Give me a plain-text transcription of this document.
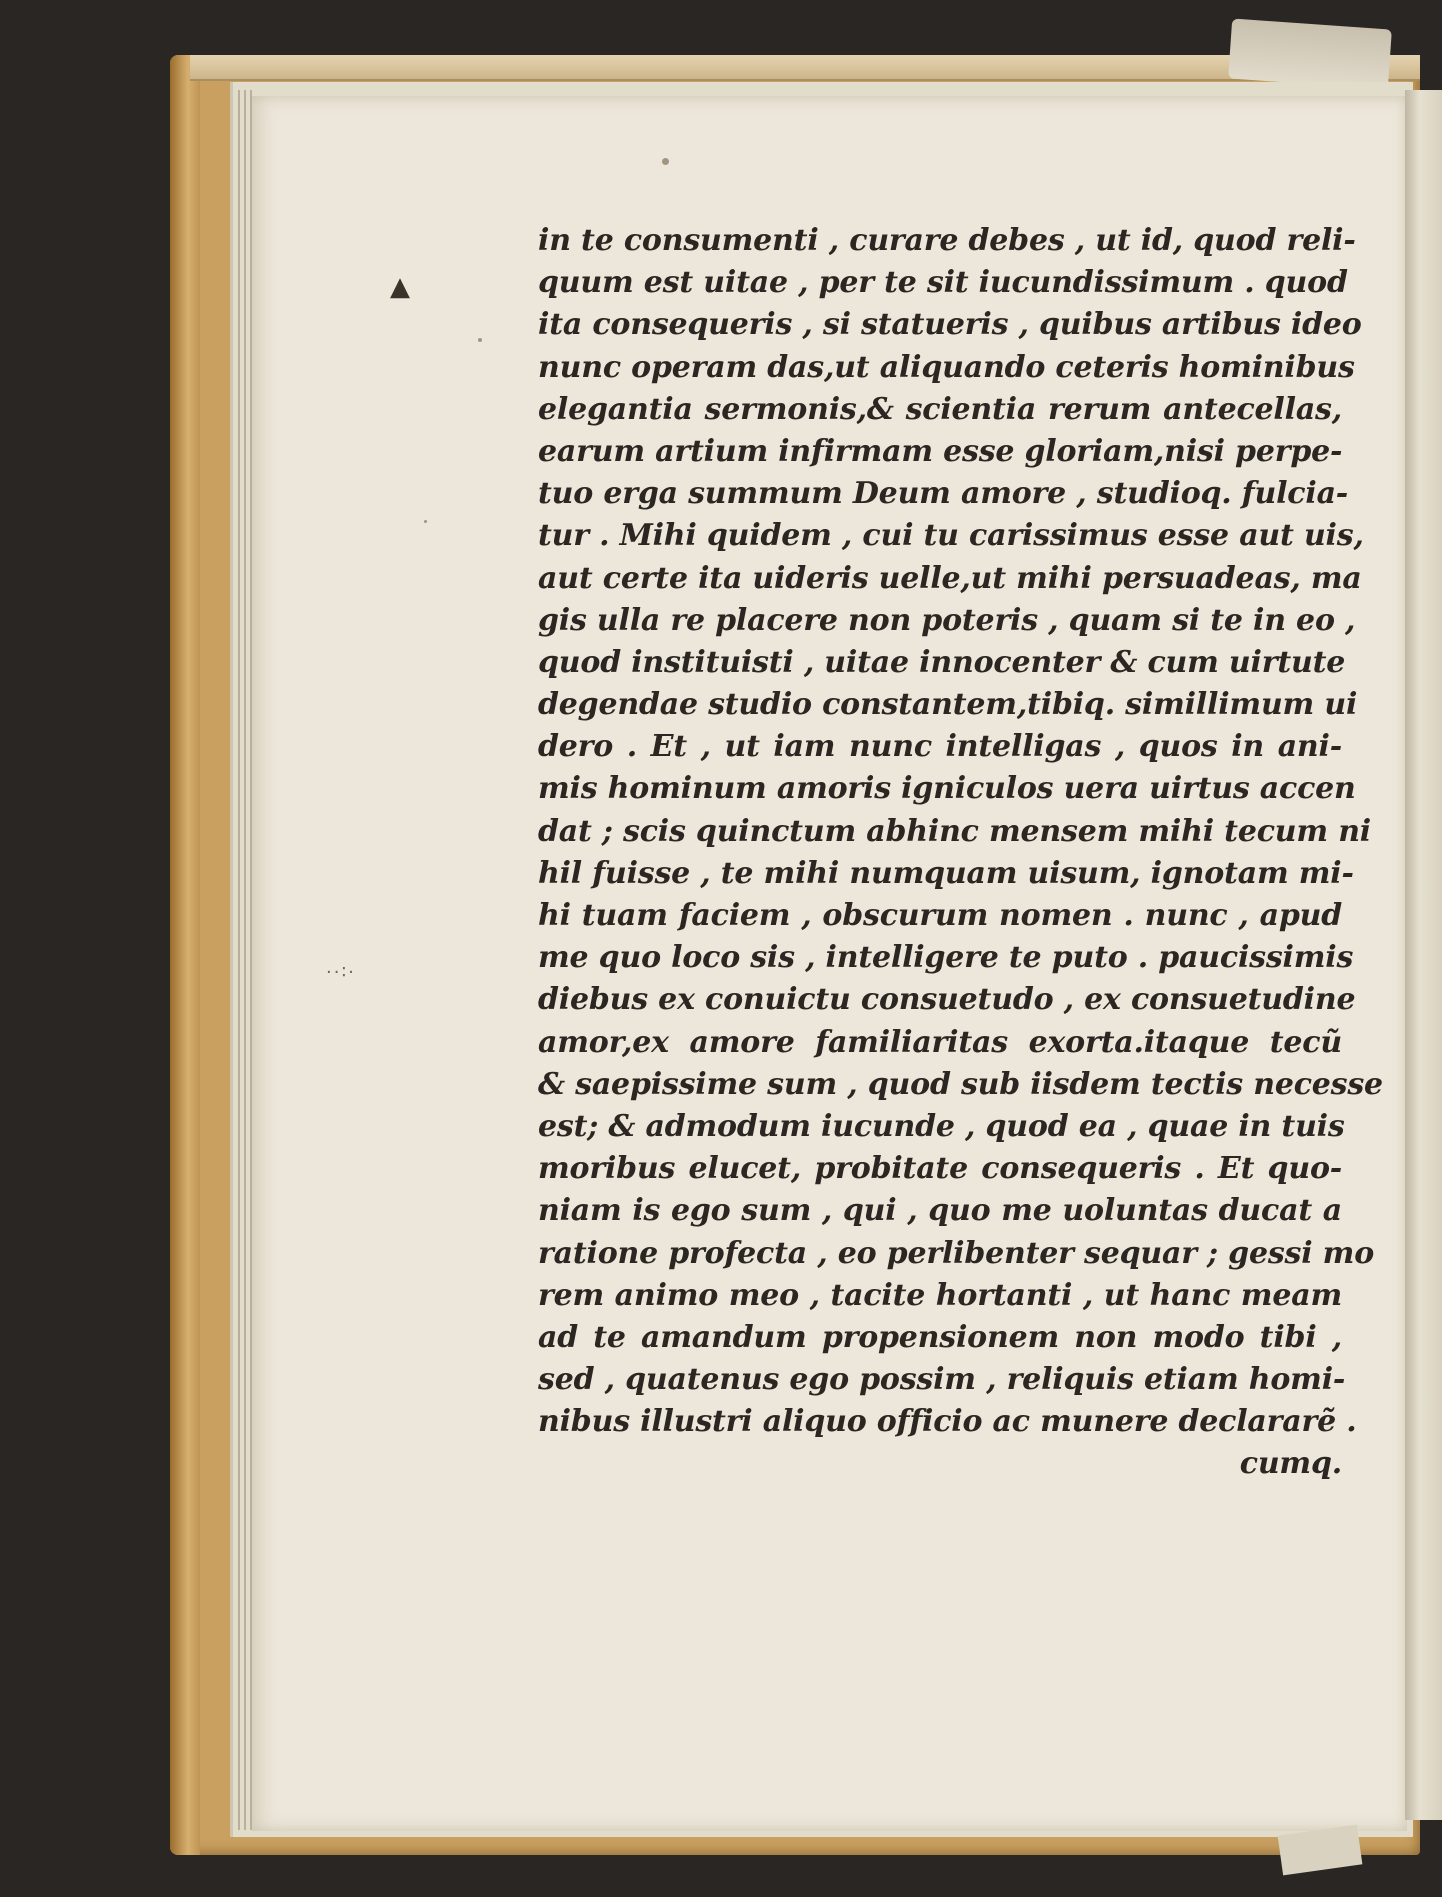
▲
··∶·
in te consumenti , curare debes , ut id, quod reli-
quum est uitae , per te sit iucundissimum . quod
ita consequeris , si statueris , quibus artibus ideo
nunc operam das,ut aliquando ceteris hominibus
elegantia sermonis,& scientia rerum antecellas,
earum artium infirmam esse gloriam,nisi perpe-
tuo erga summum Deum amore , studioq. fulcia-
tur . Mihi quidem , cui tu carissimus esse aut uis,
aut certe ita uideris uelle,ut mihi persuadeas, ma
gis ulla re placere non poteris , quam si te in eo ,
quod instituisti , uitae innocenter & cum uirtute
degendae studio constantem,tibiq. simillimum ui
dero . Et , ut iam nunc intelligas , quos in ani-
mis hominum amoris igniculos uera uirtus accen
dat ; scis quinctum abhinc mensem mihi tecum ni
hil fuisse , te mihi numquam uisum, ignotam mi-
hi tuam faciem , obscurum nomen . nunc , apud
me quo loco sis , intelligere te puto . paucissimis
diebus ex conuictu consuetudo , ex consuetudine
amor,ex amore familiaritas exorta.itaque tecũ
& saepissime sum , quod sub iisdem tectis necesse
est; & admodum iucunde , quod ea , quae in tuis
moribus elucet, probitate consequeris . Et quo-
niam is ego sum , qui , quo me uoluntas ducat a
ratione profecta , eo perlibenter sequar ; gessi mo
rem animo meo , tacite hortanti , ut hanc meam
ad te amandum propensionem non modo tibi ,
sed , quatenus ego possim , reliquis etiam homi-
nibus illustri aliquo officio ac munere declararẽ .
cumq.
